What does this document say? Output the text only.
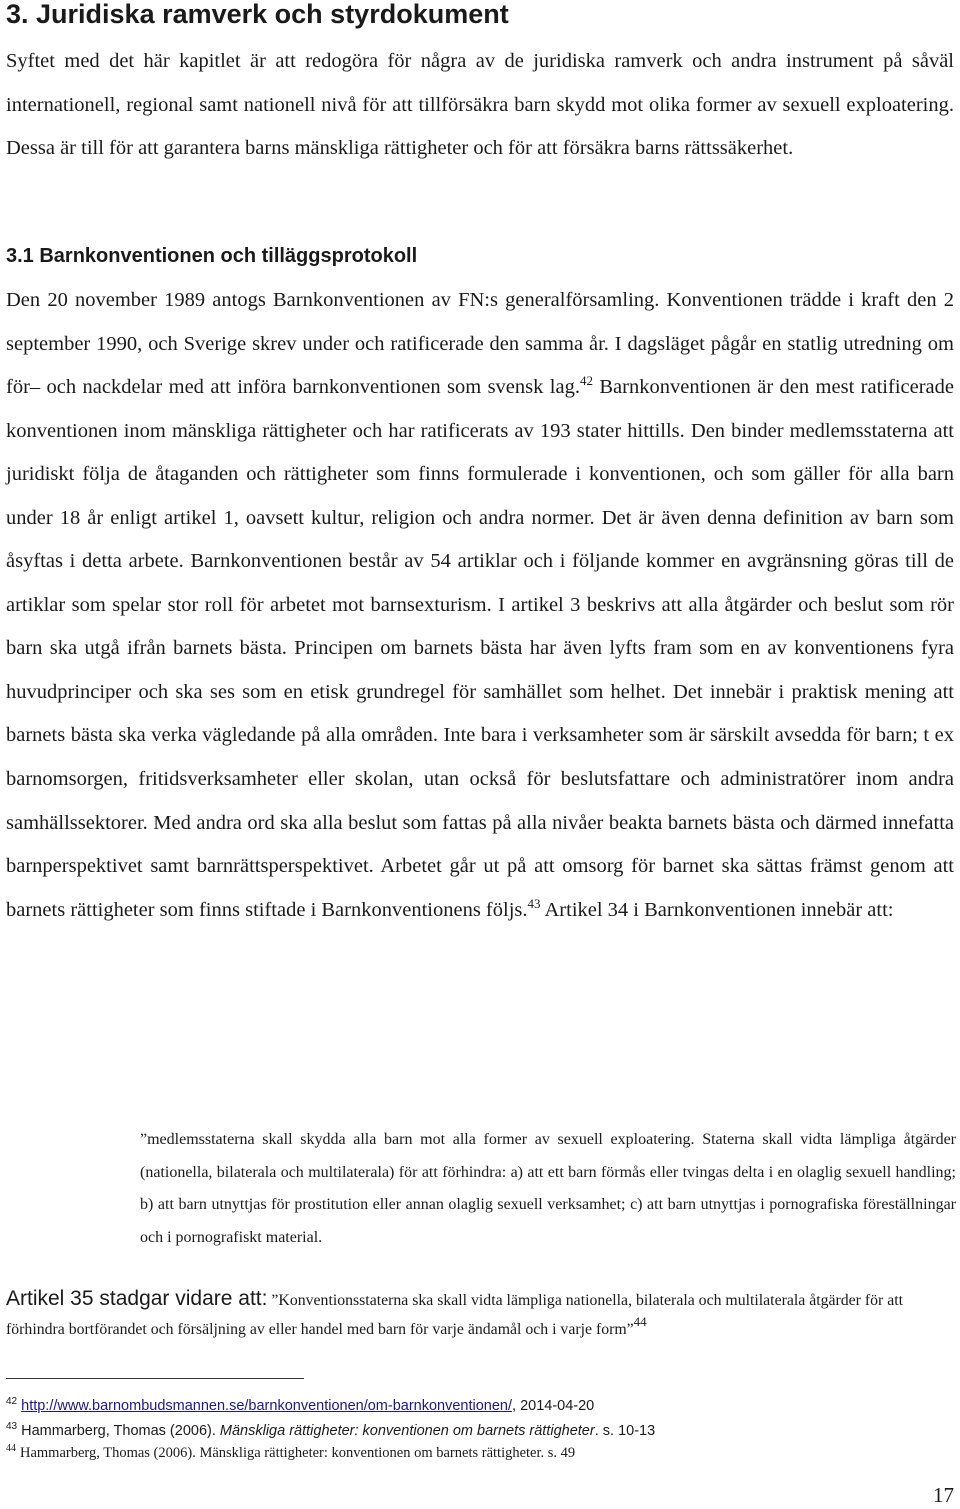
3. Juridiska ramverk och styrdokument

Syftet med det här kapitlet är att redogöra för några av de juridiska ramverk och andra instrument på såväl internationell, regional samt nationell nivå för att tillförsäkra barn skydd mot olika former av sexuell exploatering. Dessa är till för att garantera barns mänskliga rättigheter och för att försäkra barns rättssäkerhet.

3.1 Barnkonventionen och tilläggsprotokoll

Den 20 november 1989 antogs Barnkonventionen av FN:s generalförsamling. Konventionen trädde i kraft den 2 september 1990, och Sverige skrev under och ratificerade den samma år. I dagsläget pågår en statlig utredning om för– och nackdelar med att införa barnkonventionen som svensk lag.$^{42}$ Barnkonventionen är den mest ratificerade konventionen inom mänskliga rättigheter och har ratificerats av 193 stater hittills. Den binder medlemsstaterna att juridiskt följa de åtaganden och rättigheter som finns formulerade i konventionen, och som gäller för alla barn under 18 år enligt artikel 1, oavsett kultur, religion och andra normer. Det är även denna definition av barn som åsyftas i detta arbete. Barnkonventionen består av 54 artiklar och i följande kommer en avgränsning göras till de artiklar som spelar stor roll för arbetet mot barnsexturism. I artikel 3 beskrivs att alla åtgärder och beslut som rör barn ska utgå ifrån barnets bästa. Principen om barnets bästa har även lyfts fram som en av konventionens fyra huvudprinciper och ska ses som en etisk grundregel för samhället som helhet. Det innebär i praktisk mening att barnets bästa ska verka vägledande på alla områden. Inte bara i verksamheter som är särskilt avsedda för barn; t ex barnomsorgen, fritidsverksamheter eller skolan, utan också för beslutsfattare och administratörer inom andra samhällssektorer. Med andra ord ska alla beslut som fattas på alla nivåer beakta barnets bästa och därmed innefatta barnperspektivet samt barnrättsperspektivet. Arbetet går ut på att omsorg för barnet ska sättas främst genom att barnets rättigheter som finns stiftade i Barnkonventionens följs.$^{43}$ Artikel 34 i Barnkonventionen innebär att:

”medlemsstaterna skall skydda alla barn mot alla former av sexuell exploatering. Staterna skall vidta lämpliga åtgärder (nationella, bilaterala och multilaterala) för att förhindra: a) att ett barn förmås eller tvingas delta i en olaglig sexuell handling; b) att barn utnyttjas för prostitution eller annan olaglig sexuell verksamhet; c) att barn utnyttjas i pornografiska föreställningar och i pornografiskt material.

Artikel 35 stadgar vidare att: ”Konventionsstaterna ska skall vidta lämpliga nationella, bilaterala och multilaterala åtgärder för att förhindra bortförandet och försäljning av eller handel med barn för varje ändamål och i varje form”$^{44}$

$^{42}$ http://www.barnombudsmannen.se/barnkonventionen/om-barnkonventionen/, 2014-04-20

$^{43}$ Hammarberg, Thomas (2006). Mänskliga rättigheter: konventionen om barnets rättigheter. s. 10-13

$^{44}$ Hammarberg, Thomas (2006). Mänskliga rättigheter: konventionen om barnets rättigheter. s. 49

17
